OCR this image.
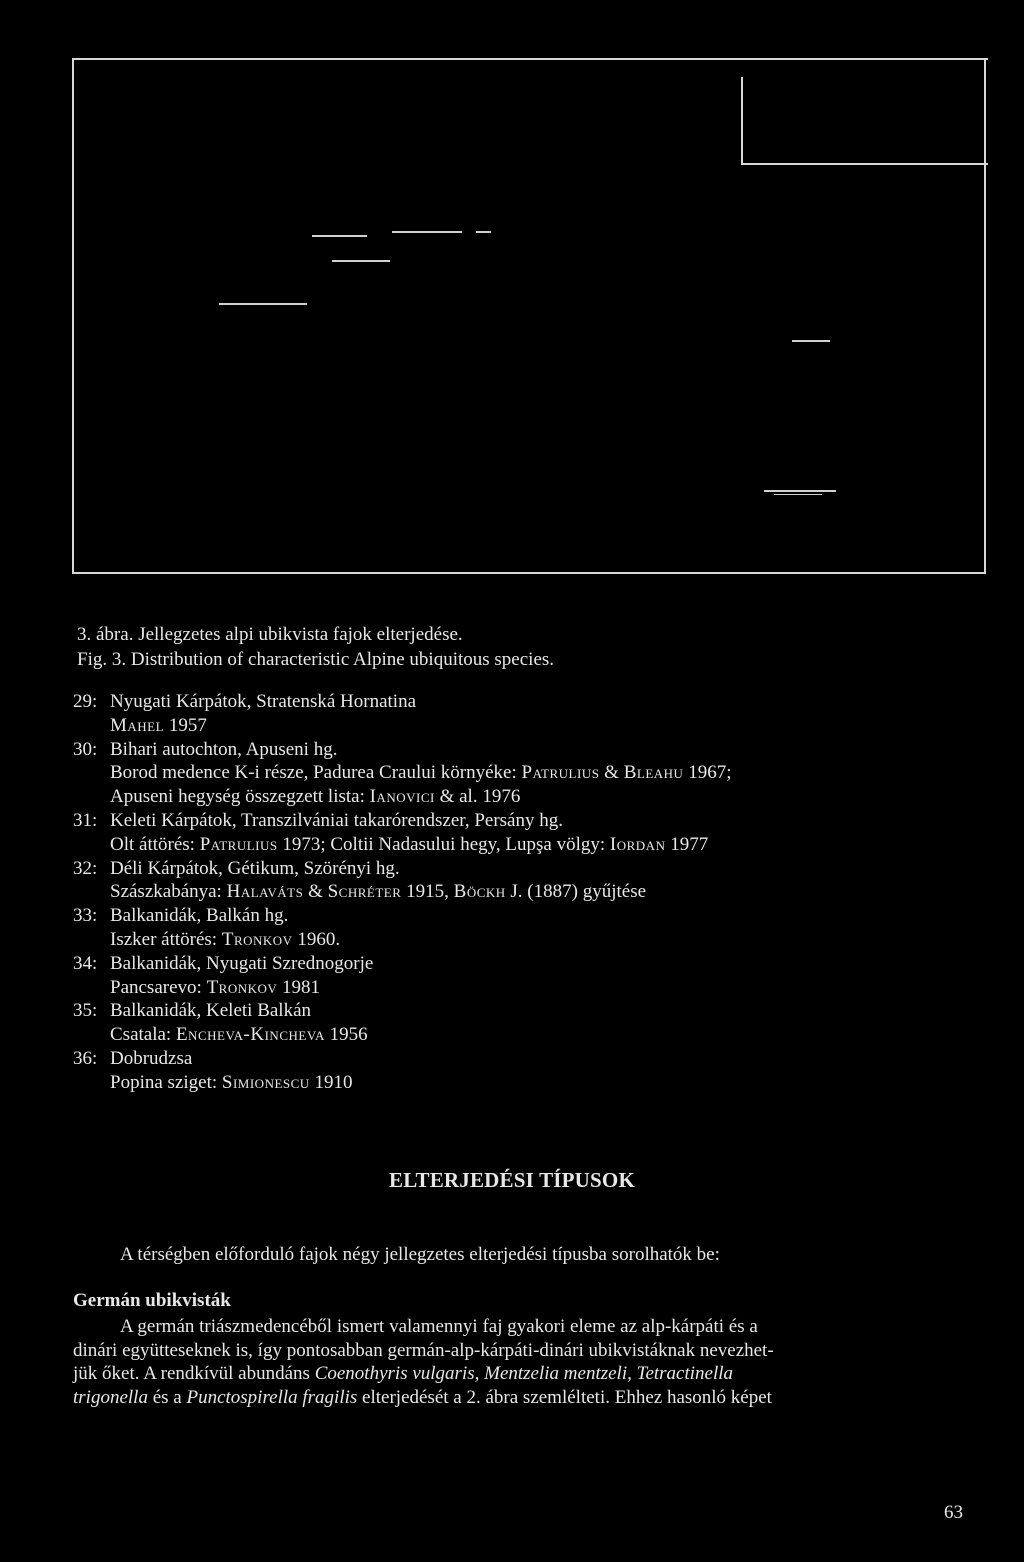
3. ábra. Jellegzetes alpi ubikvista fajok elterjedése.
Fig. 3. Distribution of characteristic Alpine ubiquitous species.
29: Nyugati Kárpátok, Stratenská Hornatina
Mahel
1957
30: Bihari autochton, Apuseni hg.
Borod medence K-i része, Padurea Craului környéke:
Patrulius
&
Bleahu
1967;
Apuseni hegység összegzett lista:
Ianovici
& al. 1976
31: Keleti Kárpátok, Transzilvániai takarórendszer, Persány hg.
Olt áttörés:
Patrulius
1973; Coltii Nadasului hegy, Lupşa völgy:
Iordan
1977
32: Déli Kárpátok, Gétikum, Szörényi hg.
Szászkabánya:
Halaváts
&
Schréter
1915,
Böckh
J. (1887) gyűjtése
33: Balkanidák, Balkán hg.
Iszker áttörés:
Tronkov
1960.
34: Balkanidák, Nyugati Szrednogorje
Pancsarevo:
Tronkov
1981
35: Balkanidák, Keleti Balkán
Csatala:
Encheva-Kincheva
1956
36: Dobrudzsa
Popina sziget:
Simionescu
1910
ELTERJEDÉSI TÍPUSOK
A térségben előforduló fajok négy jellegzetes elterjedési típusba sorolhatók be:
Germán ubikvisták
A germán triászmedencéből ismert valamennyi faj gyakori eleme az alp-kárpáti és a
dinári együtteseknek is, így pontosabban germán-alp-kárpáti-dinári ubikvistáknak nevezhet-
jük őket. A rendkívül abundáns Coenothyris vulgaris, Mentzelia mentzeli, Tetractinella
trigonella és a Punctospirella fragilis elterjedését a 2. ábra szemlélteti. Ehhez hasonló képet
63
